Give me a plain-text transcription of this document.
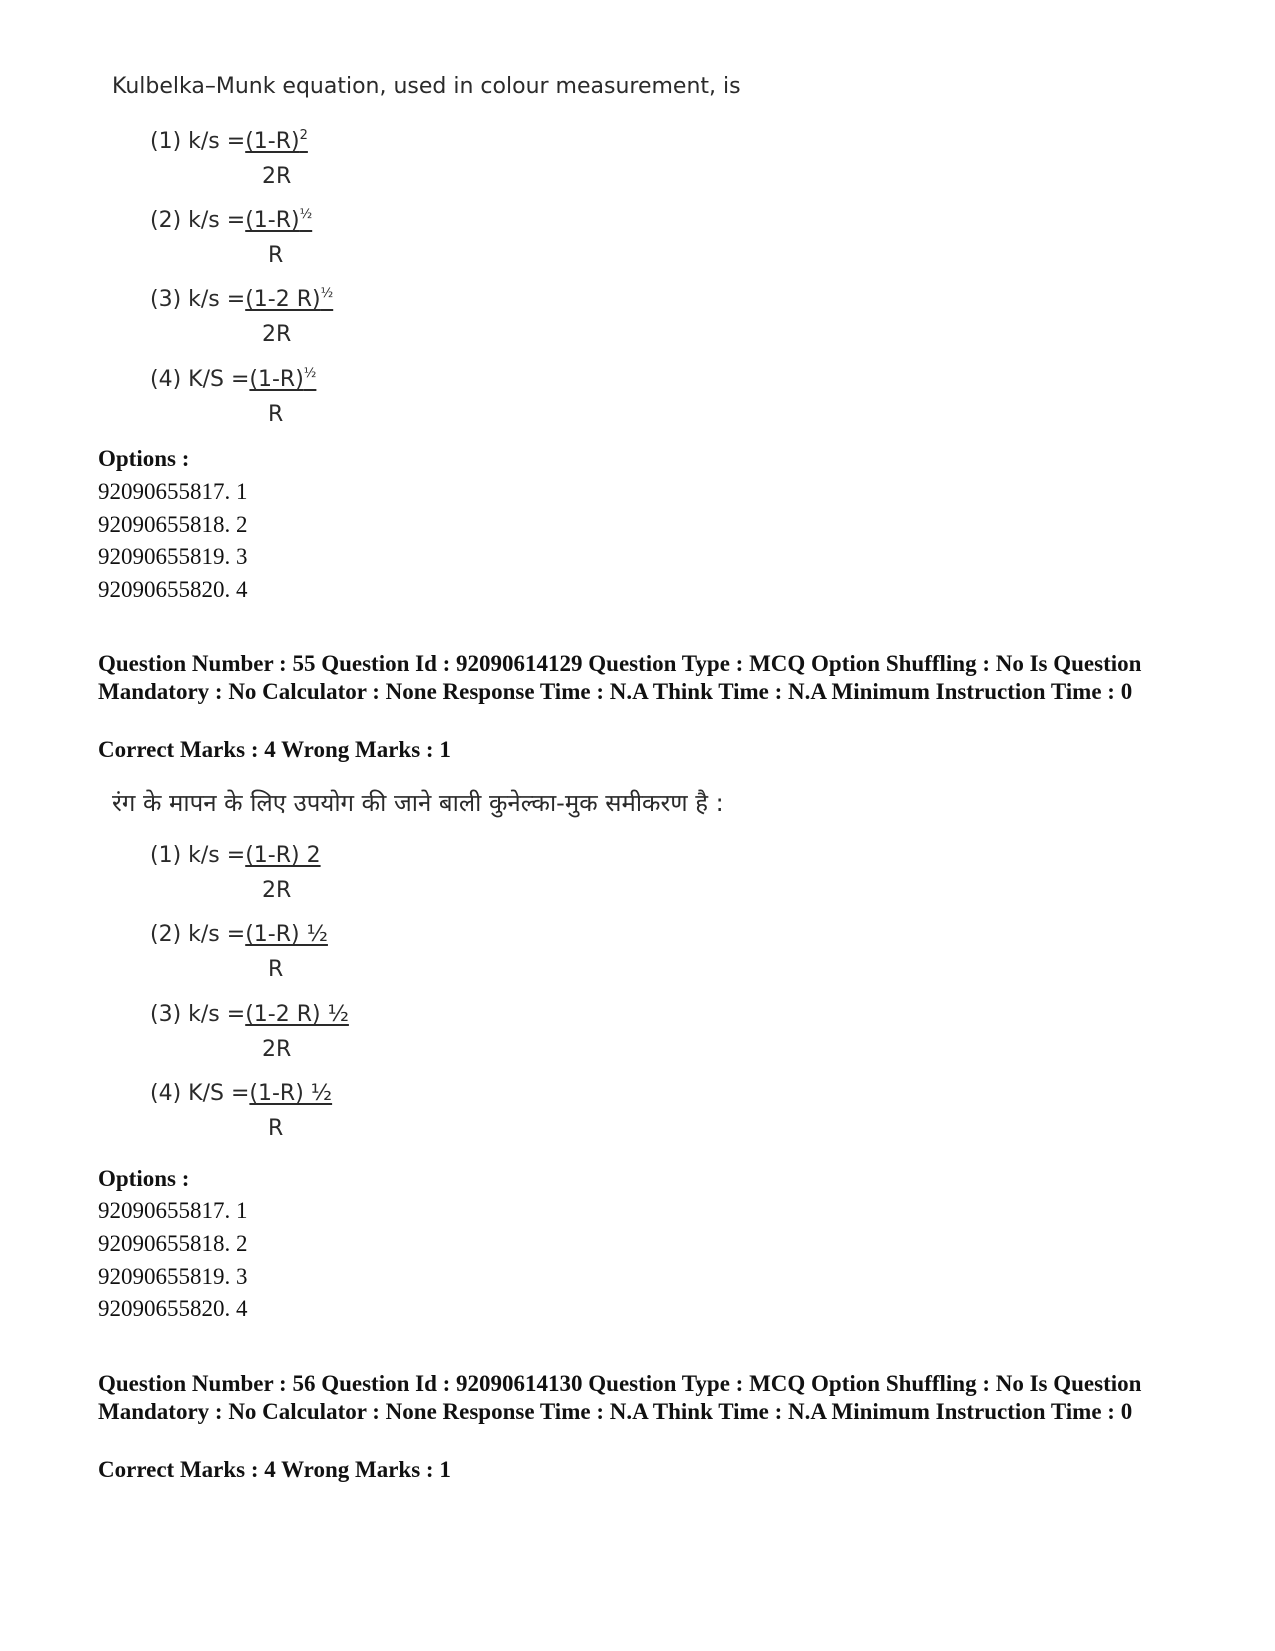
Kulbelka–Munk equation, used in colour measurement, is
(1) $k/s =(1-R)^2$
2R
(2) $k/s =(1-R)^{\frac{1}{2}}$
R
(3) k/s =(1-2 R)$^{\frac{1}{2}}$
2R
(4) $K/S =(1-R)^{\frac{1}{2}}$
R
Options :
92090655817. 1
92090655818. 2
92090655819. 3
92090655820. 4
Question Number : 55 Question Id : 92090614129 Question Type : MCQ Option Shuffling : No Is Question Mandatory : No Calculator : None Response Time : N.A Think Time : N.A Minimum Instruction Time : 0
Correct Marks : 4 Wrong Marks : 1
रंग के मापन के लिए उपयोग की जाने बाली कुनेल्का-मुक समीकरण है :
(1) k/s =(1-R) 2
2R
(2) k/s =(1-R) ½
R
(3) k/s =(1-2 R) ½
2R
(4) K/S =(1-R) ½
R
Options :
92090655817. 1
92090655818. 2
92090655819. 3
92090655820. 4
Question Number : 56 Question Id : 92090614130 Question Type : MCQ Option Shuffling : No Is Question Mandatory : No Calculator : None Response Time : N.A Think Time : N.A Minimum Instruction Time : 0
Correct Marks : 4 Wrong Marks : 1
